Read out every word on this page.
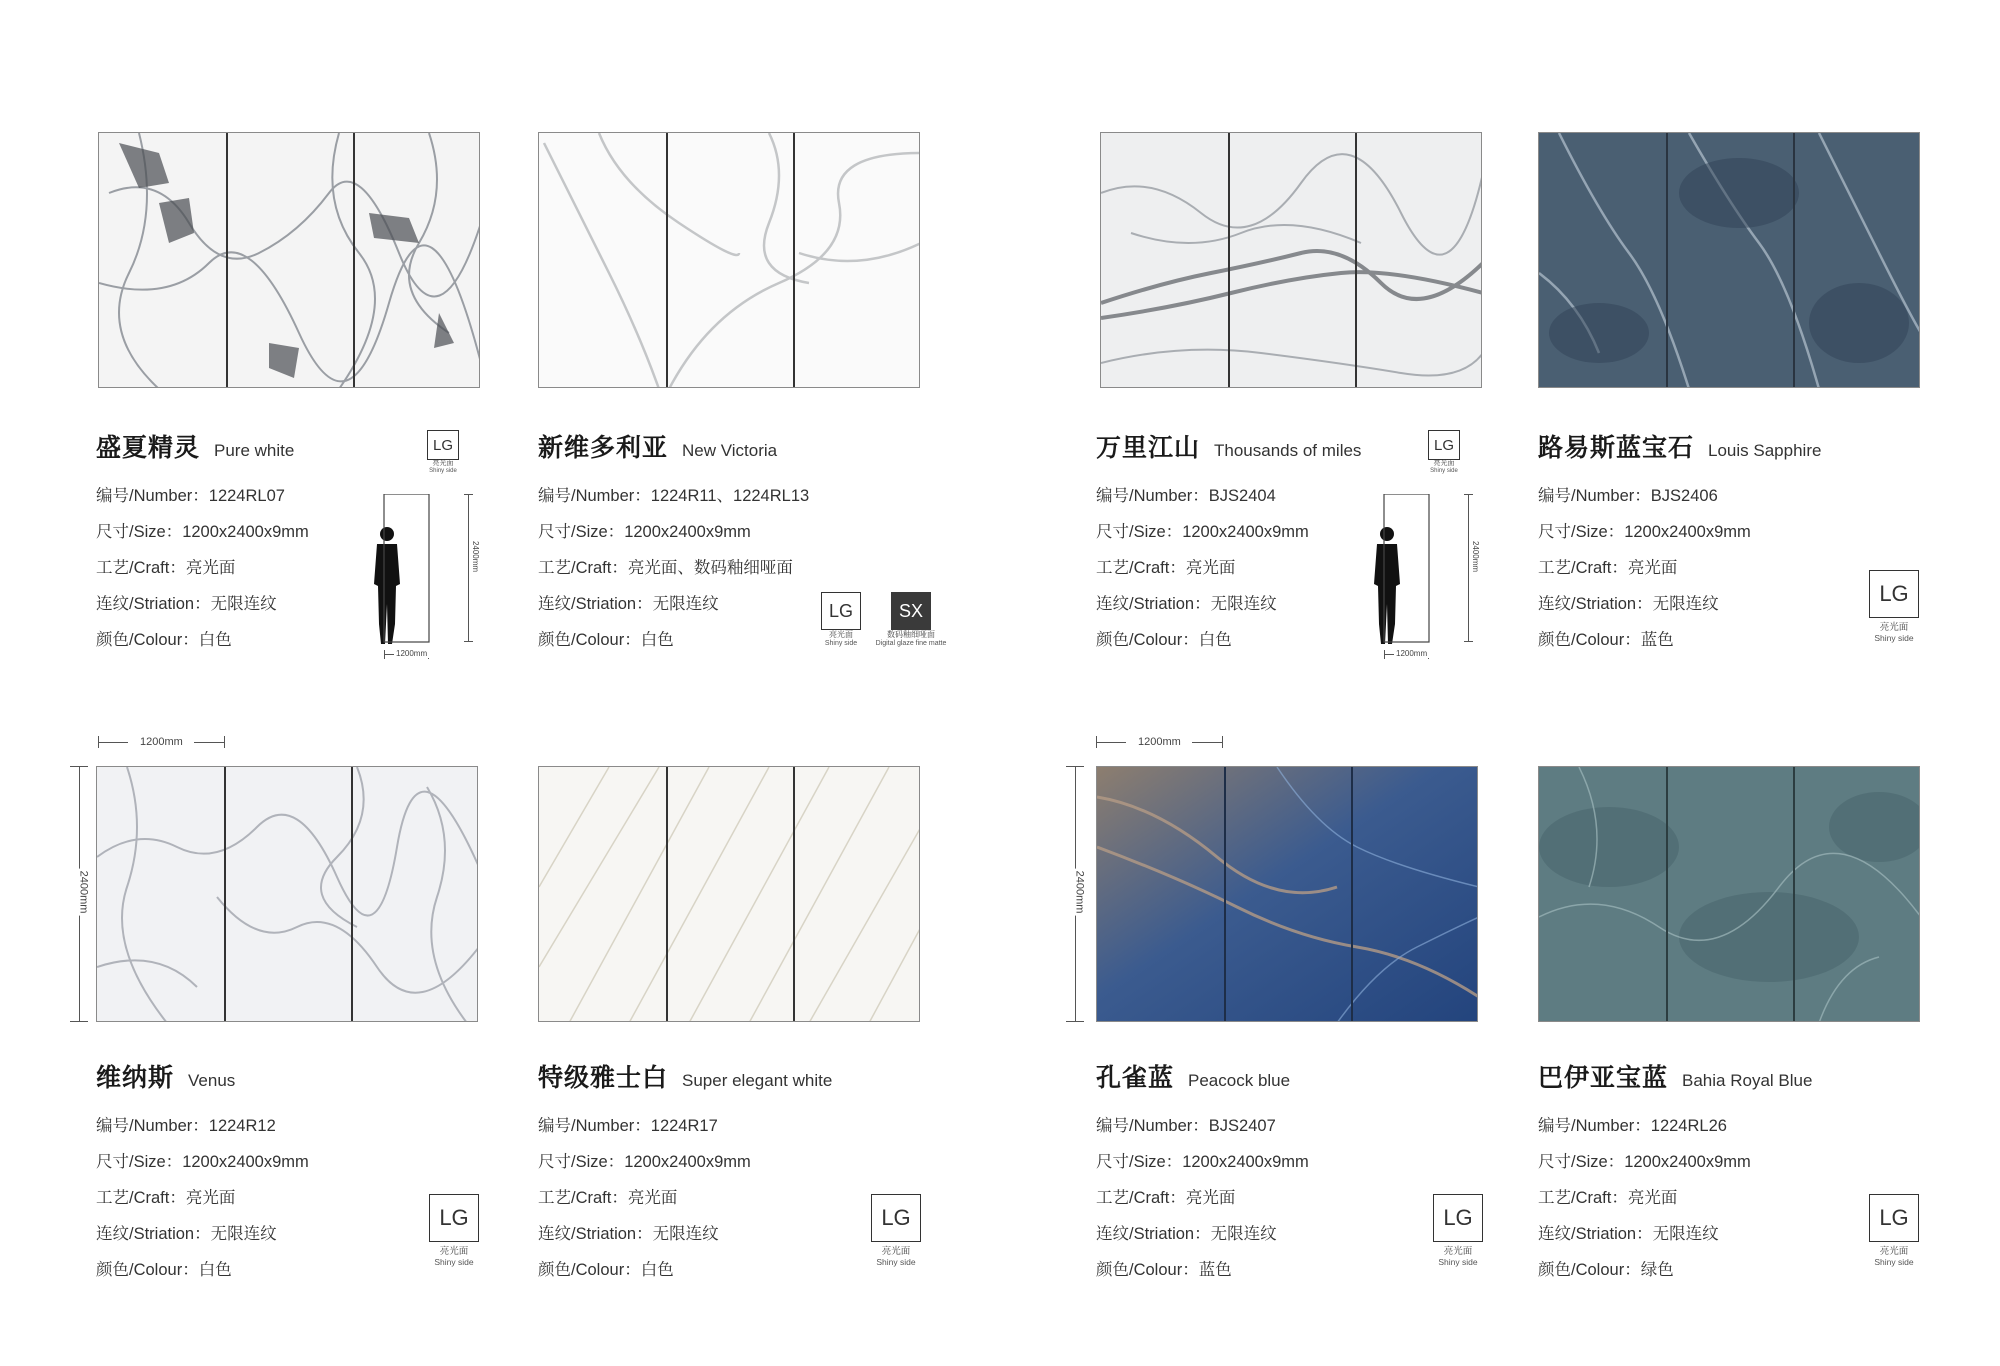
盛夏精灵 Pure white
编号/Number：1224RL07
尺寸/Size：1200x2400x9mm
工艺/Craft：亮光面
连纹/Striation：无限连纹
颜色/Colour：白色
LG
亮光面
Shiny side
2400mm
1200mm
新维多利亚 New Victoria
编号/Number：1224R11、1224RL13
尺寸/Size：1200x2400x9mm
工艺/Craft：亮光面、数码釉细哑面
连纹/Striation：无限连纹
颜色/Colour：白色
LG
亮光面
Shiny side
SX
数码釉细哑面
Digital glaze fine matte
万里江山 Thousands of miles
编号/Number：BJS2404
尺寸/Size：1200x2400x9mm
工艺/Craft：亮光面
连纹/Striation：无限连纹
颜色/Colour：白色
LG
亮光面
Shiny side
2400mm
1200mm
路易斯蓝宝石 Louis Sapphire
编号/Number：BJS2406
尺寸/Size：1200x2400x9mm
工艺/Craft：亮光面
连纹/Striation：无限连纹
颜色/Colour：蓝色
LG
亮光面
Shiny side
1200mm
2400mm
维纳斯 Venus
编号/Number：1224R12
尺寸/Size：1200x2400x9mm
工艺/Craft：亮光面
连纹/Striation：无限连纹
颜色/Colour：白色
LG
亮光面
Shiny side
特级雅士白 Super elegant white
编号/Number：1224R17
尺寸/Size：1200x2400x9mm
工艺/Craft：亮光面
连纹/Striation：无限连纹
颜色/Colour：白色
LG
亮光面
Shiny side
1200mm
2400mm
孔雀蓝 Peacock blue
编号/Number：BJS2407
尺寸/Size：1200x2400x9mm
工艺/Craft：亮光面
连纹/Striation：无限连纹
颜色/Colour：蓝色
LG
亮光面
Shiny side
巴伊亚宝蓝 Bahia Royal Blue
编号/Number：1224RL26
尺寸/Size：1200x2400x9mm
工艺/Craft：亮光面
连纹/Striation：无限连纹
颜色/Colour：绿色
LG
亮光面
Shiny side
